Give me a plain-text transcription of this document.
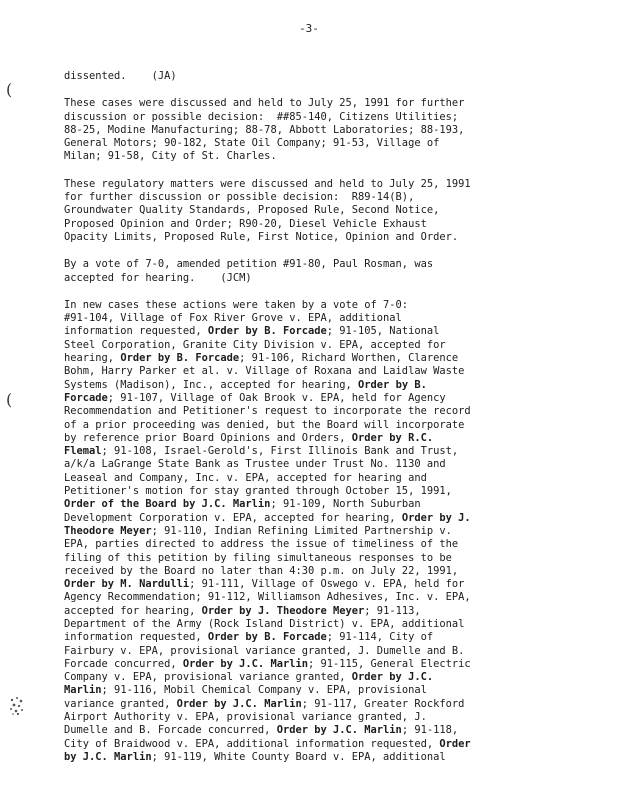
-3-
(
(
dissented.    (JA)
These cases were discussed and held to July 25, 1991 for further
discussion or possible decision:  ##85-140, Citizens Utilities;
88-25, Modine Manufacturing; 88-78, Abbott Laboratories; 88-193,
General Motors; 90-182, State Oil Company; 91-53, Village of
Milan; 91-58, City of St. Charles.
These regulatory matters were discussed and held to July 25, 1991
for further discussion or possible decision:  R89-14(B),
Groundwater Quality Standards, Proposed Rule, Second Notice,
Proposed Opinion and Order; R90-20, Diesel Vehicle Exhaust
Opacity Limits, Proposed Rule, First Notice, Opinion and Order.
By a vote of 7-0, amended petition #91-80, Paul Rosman, was
accepted for hearing.    (JCM)
In new cases these actions were taken by a vote of 7-0:
#91-104, Village of Fox River Grove v. EPA, additional
information requested, Order by B. Forcade; 91-105, National
Steel Corporation, Granite City Division v. EPA, accepted for
hearing, Order by B. Forcade; 91-106, Richard Worthen, Clarence
Bohm, Harry Parker et al. v. Village of Roxana and Laidlaw Waste
Systems (Madison), Inc., accepted for hearing, Order by B.
Forcade; 91-107, Village of Oak Brook v. EPA, held for Agency
Recommendation and Petitioner's request to incorporate the record
of a prior proceeding was denied, but the Board will incorporate
by reference prior Board Opinions and Orders, Order by R.C.
Flemal; 91-108, Israel-Gerold's, First Illinois Bank and Trust,
a/k/a LaGrange State Bank as Trustee under Trust No. 1130 and
Leaseal and Company, Inc. v. EPA, accepted for hearing and
Petitioner's motion for stay granted through October 15, 1991,
Order of the Board by J.C. Marlin; 91-109, North Suburban
Development Corporation v. EPA, accepted for hearing, Order by J.
Theodore Meyer; 91-110, Indian Refining Limited Partnership v.
EPA, parties directed to address the issue of timeliness of the
filing of this petition by filing simultaneous responses to be
received by the Board no later than 4:30 p.m. on July 22, 1991,
Order by M. Nardulli; 91-111, Village of Oswego v. EPA, held for
Agency Recommendation; 91-112, Williamson Adhesives, Inc. v. EPA,
accepted for hearing, Order by J. Theodore Meyer; 91-113,
Department of the Army (Rock Island District) v. EPA, additional
information requested, Order by B. Forcade; 91-114, City of
Fairbury v. EPA, provisional variance granted, J. Dumelle and B.
Forcade concurred, Order by J.C. Marlin; 91-115, General Electric
Company v. EPA, provisional variance granted, Order by J.C.
Marlin; 91-116, Mobil Chemical Company v. EPA, provisional
variance granted, Order by J.C. Marlin; 91-117, Greater Rockford
Airport Authority v. EPA, provisional variance granted, J.
Dumelle and B. Forcade concurred, Order by J.C. Marlin; 91-118,
City of Braidwood v. EPA, additional information requested, Order
by J.C. Marlin; 91-119, White County Board v. EPA, additional
